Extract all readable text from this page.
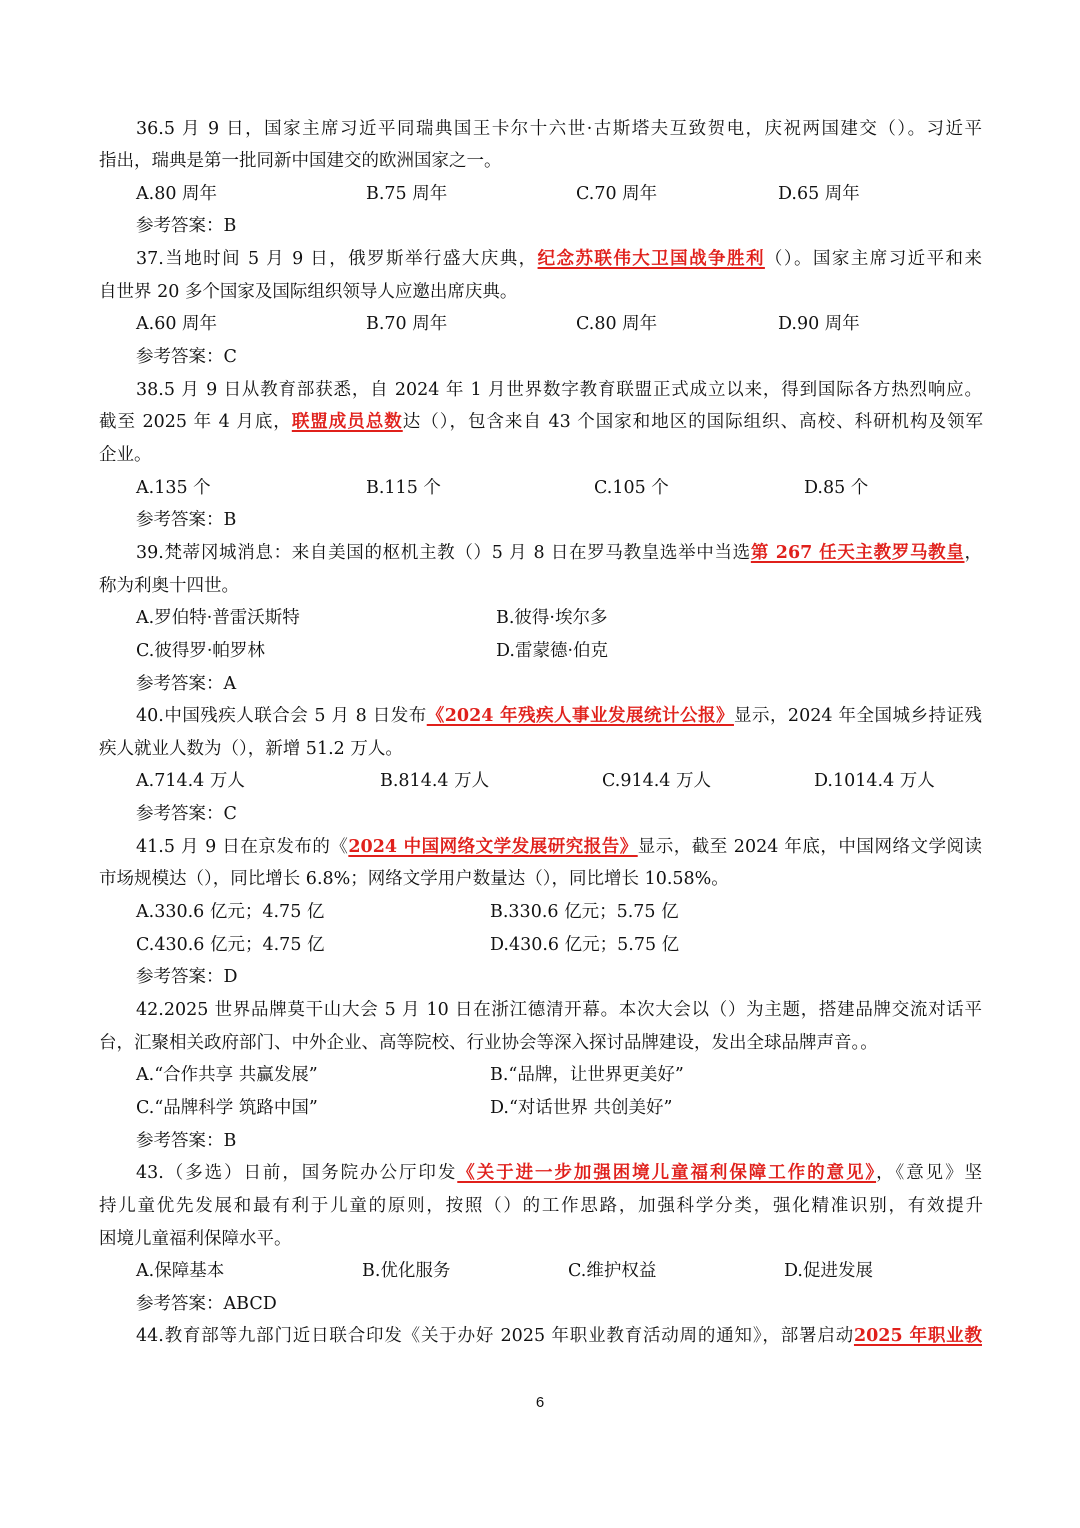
36.5 月 9 日，国家主席习近平同瑞典国王卡尔十六世·古斯塔夫互致贺电，庆祝两国建交（）。习近平
指出，瑞典是第一批同新中国建交的欧洲国家之一。
A.80 周年	B.75 周年	C.70 周年	D.65 周年
参考答案：B
37.当地时间 5 月 9 日，俄罗斯举行盛大庆典，纪念苏联伟大卫国战争胜利（）。国家主席习近平和来
自世界 20 多个国家及国际组织领导人应邀出席庆典。
A.60 周年	B.70 周年	C.80 周年	D.90 周年
参考答案：C
38.5 月 9 日从教育部获悉，自 2024 年 1 月世界数字教育联盟正式成立以来，得到国际各方热烈响应。
截至 2025 年 4 月底，联盟成员总数达（），包含来自 43 个国家和地区的国际组织、高校、科研机构及领军
企业。
A.135 个	B.115 个	C.105 个	D.85 个
参考答案：B
39.梵蒂冈城消息：来自美国的枢机主教（）5 月 8 日在罗马教皇选举中当选第 267 任天主教罗马教皇，
称为利奥十四世。
A.罗伯特·普雷沃斯特	B.彼得·埃尔多
C.彼得罗·帕罗林	D.雷蒙德·伯克
参考答案：A
40.中国残疾人联合会 5 月 8 日发布《2024 年残疾人事业发展统计公报》显示，2024 年全国城乡持证残
疾人就业人数为（），新增 51.2 万人。
A.714.4 万人	B.814.4 万人	C.914.4 万人	D.1014.4 万人
参考答案：C
41.5 月 9 日在京发布的《2024 中国网络文学发展研究报告》显示，截至 2024 年底，中国网络文学阅读
市场规模达（），同比增长 6.8%；网络文学用户数量达（），同比增长 10.58%。
A.330.6 亿元；4.75 亿	B.330.6 亿元；5.75 亿
C.430.6 亿元；4.75 亿	D.430.6 亿元；5.75 亿
参考答案：D
42.2025 世界品牌莫干山大会 5 月 10 日在浙江德清开幕。本次大会以（）为主题，搭建品牌交流对话平
台，汇聚相关政府部门、中外企业、高等院校、行业协会等深入探讨品牌建设，发出全球品牌声音。。
A.“合作共享 共赢发展”	B.“品牌，让世界更美好”
C.“品牌科学 筑路中国”	D.“对话世界 共创美好”
参考答案：B
43.（多选）日前，国务院办公厅印发《关于进一步加强困境儿童福利保障工作的意见》，《意见》坚
持儿童优先发展和最有利于儿童的原则，按照（）的工作思路，加强科学分类，强化精准识别，有效提升
困境儿童福利保障水平。
A.保障基本	B.优化服务	C.维护权益	D.促进发展
参考答案：ABCD
44.教育部等九部门近日联合印发《关于办好 2025 年职业教育活动周的通知》，部署启动2025 年职业教
6
